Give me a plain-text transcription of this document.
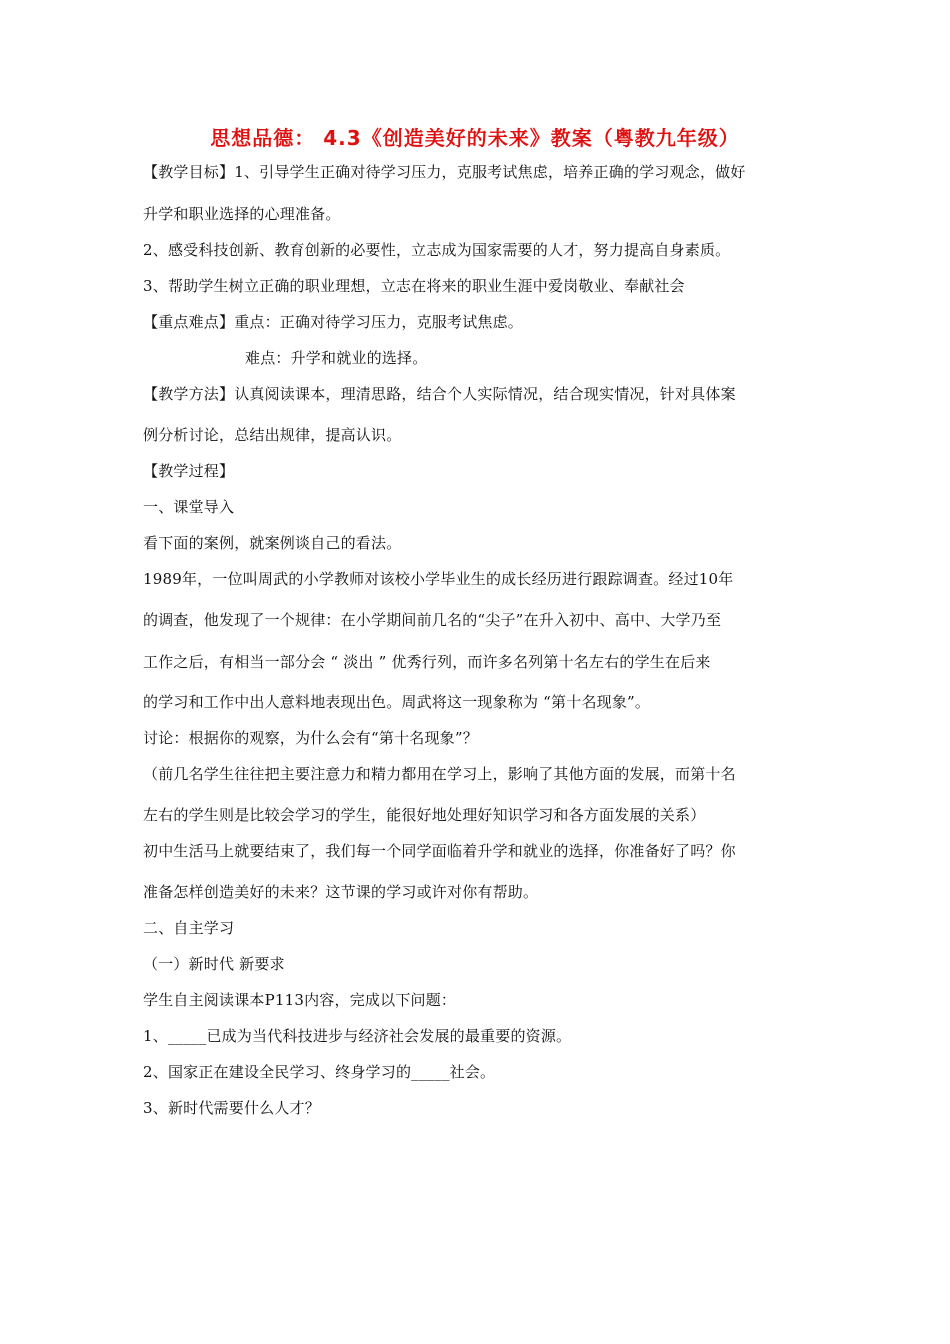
思想品德： 4.3《创造美好的未来》教案（粤教九年级）
【教学目标】1、引导学生正确对待学习压力，克服考试焦虑，培养正确的学习观念，做好
升学和职业选择的心理准备。
2、感受科技创新、教育创新的必要性，立志成为国家需要的人才，努力提高自身素质。
3、帮助学生树立正确的职业理想，立志在将来的职业生涯中爱岗敬业、奉献社会
【重点难点】重点：正确对待学习压力，克服考试焦虑。
难点：升学和就业的选择。
【教学方法】认真阅读课本，理清思路，结合个人实际情况，结合现实情况，针对具体案
例分析讨论，总结出规律，提高认识。
【教学过程】
一、课堂导入
看下面的案例，就案例谈自己的看法。
1989年，一位叫周武的小学教师对该校小学毕业生的成长经历进行跟踪调查。经过10年
的调查，他发现了一个规律：在小学期间前几名的“尖子”在升入初中、高中、大学乃至
工作之后，有相当一部分会 “ 淡出 ” 优秀行列，而许多名列第十名左右的学生在后来
的学习和工作中出人意料地表现出色。周武将这一现象称为 “第十名现象”。
讨论：根据你的观察，为什么会有“第十名现象”？
（前几名学生往往把主要注意力和精力都用在学习上，影响了其他方面的发展，而第十名
左右的学生则是比较会学习的学生，能很好地处理好知识学习和各方面发展的关系）
初中生活马上就要结束了，我们每一个同学面临着升学和就业的选择，你准备好了吗？你
准备怎样创造美好的未来？这节课的学习或许对你有帮助。
二、自主学习
（一）新时代 新要求
学生自主阅读课本P113内容，完成以下问题：
1、_____已成为当代科技进步与经济社会发展的最重要的资源。
2、国家正在建设全民学习、终身学习的_____社会。
3、新时代需要什么人才？
